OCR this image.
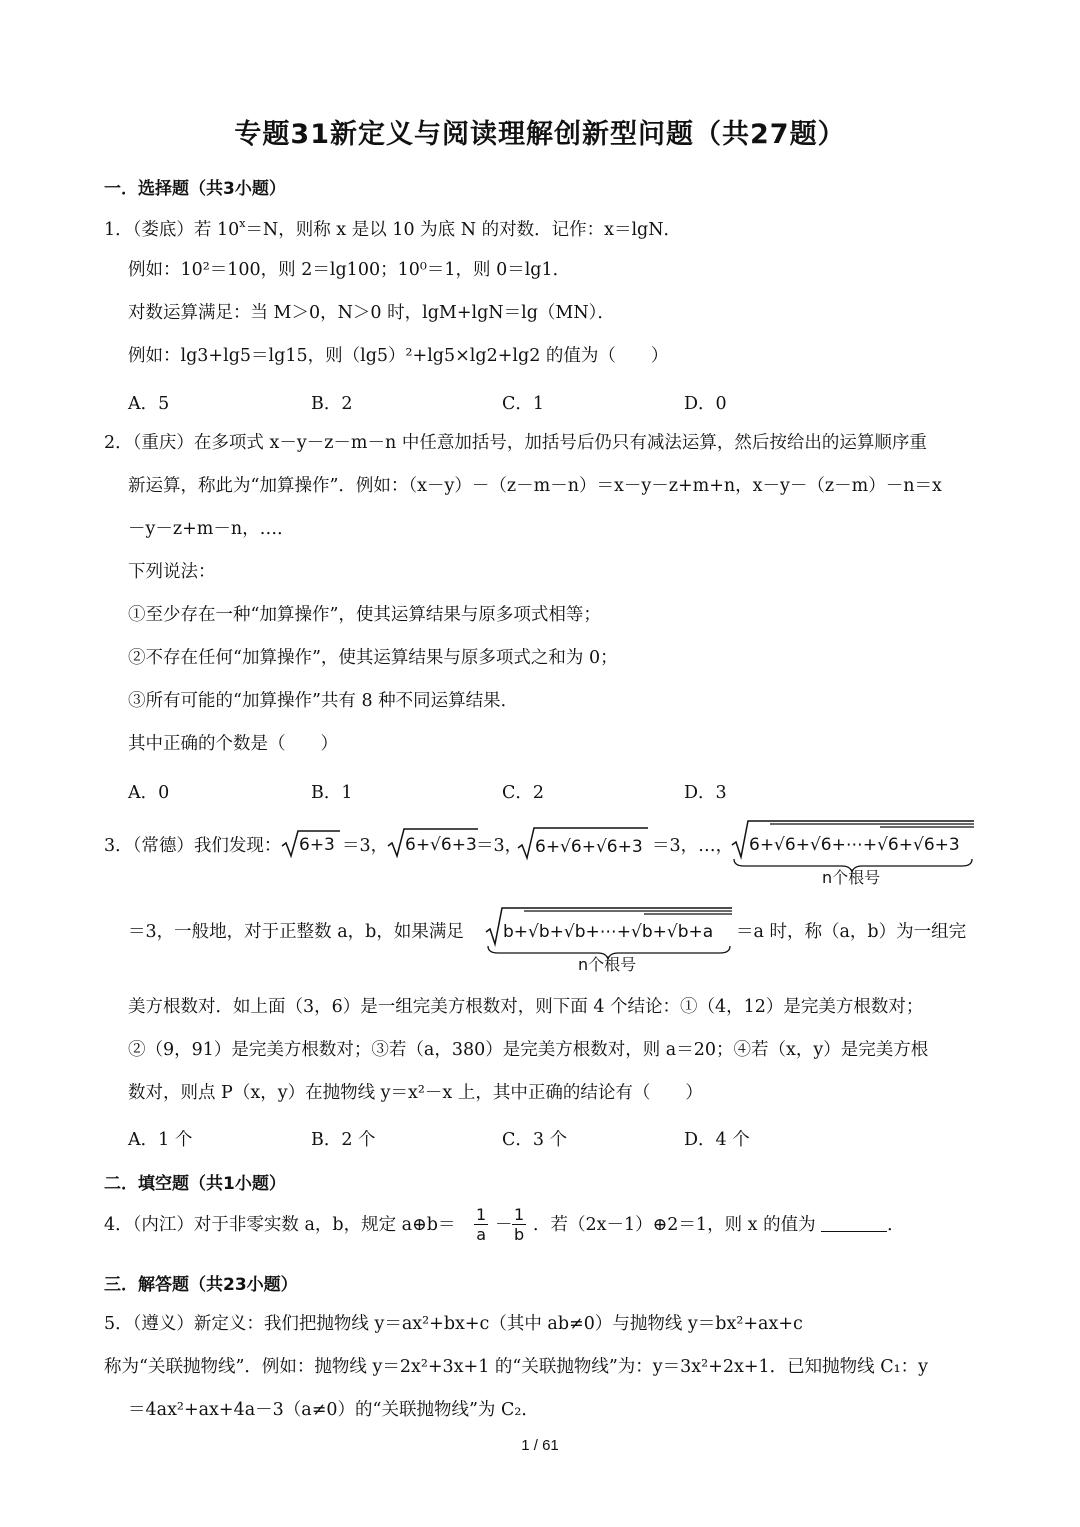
专题31新定义与阅读理解创新型问题（共27题）
一．选择题（共3小题）
1．（娄底）若 $10^x=N$，则称 x 是以 10 为底 N 的对数．记作：x＝lgN．
例如：10²＝100，则 2＝lg100；10⁰＝1，则 0＝lg1．
对数运算满足：当 M＞0，N＞0 时，lgM+lgN＝lg（MN）．
例如：lg3+lg5＝lg15，则（lg5）²+lg5×lg2+lg2 的值为（　　）
A．5	B．2	C．1	D．0
2．（重庆）在多项式 x－y－z－m－n 中任意加括号，加括号后仍只有减法运算，然后按给出的运算顺序重
新运算，称此为“加算操作”．例如：（x－y）－（z－m－n）＝x－y－z+m+n，x－y－（z－m）－n＝x
－y－z+m－n，…．
下列说法：
①至少存在一种“加算操作”，使其运算结果与原多项式相等；
②不存在任何“加算操作”，使其运算结果与原多项式之和为 0；
③所有可能的“加算操作”共有 8 种不同运算结果．
其中正确的个数是（　　）
A．0	B．1	C．2	D．3
3．（常德）我们发现： 6+3 ＝3， 6+√6+3 ＝3， 6+√6+√6+3 ＝3，…， 6+√6+√6+⋯+√6+√6+3
n个根号
＝3，一般地，对于正整数 a，b，如果满足 b+√b+√b+⋯+√b+√b+a
n个根号
＝a 时，称（a，b）为一组完
美方根数对．如上面（3，6）是一组完美方根数对，则下面 4 个结论：①（4，12）是完美方根数对；
②（9，91）是完美方根数对；③若（a，380）是完美方根数对，则 a＝20；④若（x，y）是完美方根
数对，则点 P（x，y）在抛物线 y＝x²－x 上，其中正确的结论有（　　）
A．1 个	B．2 个	C．3 个	D．4 个
二．填空题（共1小题）
4．（内江）对于非零实数 a，b，规定 a⊕b＝ $\frac{1}{a} - \frac{1}{b}$ ．若（2x－1）⊕2＝1，则 x 的值为	．
三．解答题（共23小题）
5．（遵义）新定义：我们把抛物线 y＝ax²+bx+c（其中 ab≠0）与抛物线 y＝bx²+ax+c
称为“关联抛物线”．例如：抛物线 y＝2x²+3x+1 的“关联抛物线”为：y＝3x²+2x+1．已知抛物线 C₁：y
＝4ax²+ax+4a－3（a≠0）的“关联抛物线”为 C₂．
1 / 61
